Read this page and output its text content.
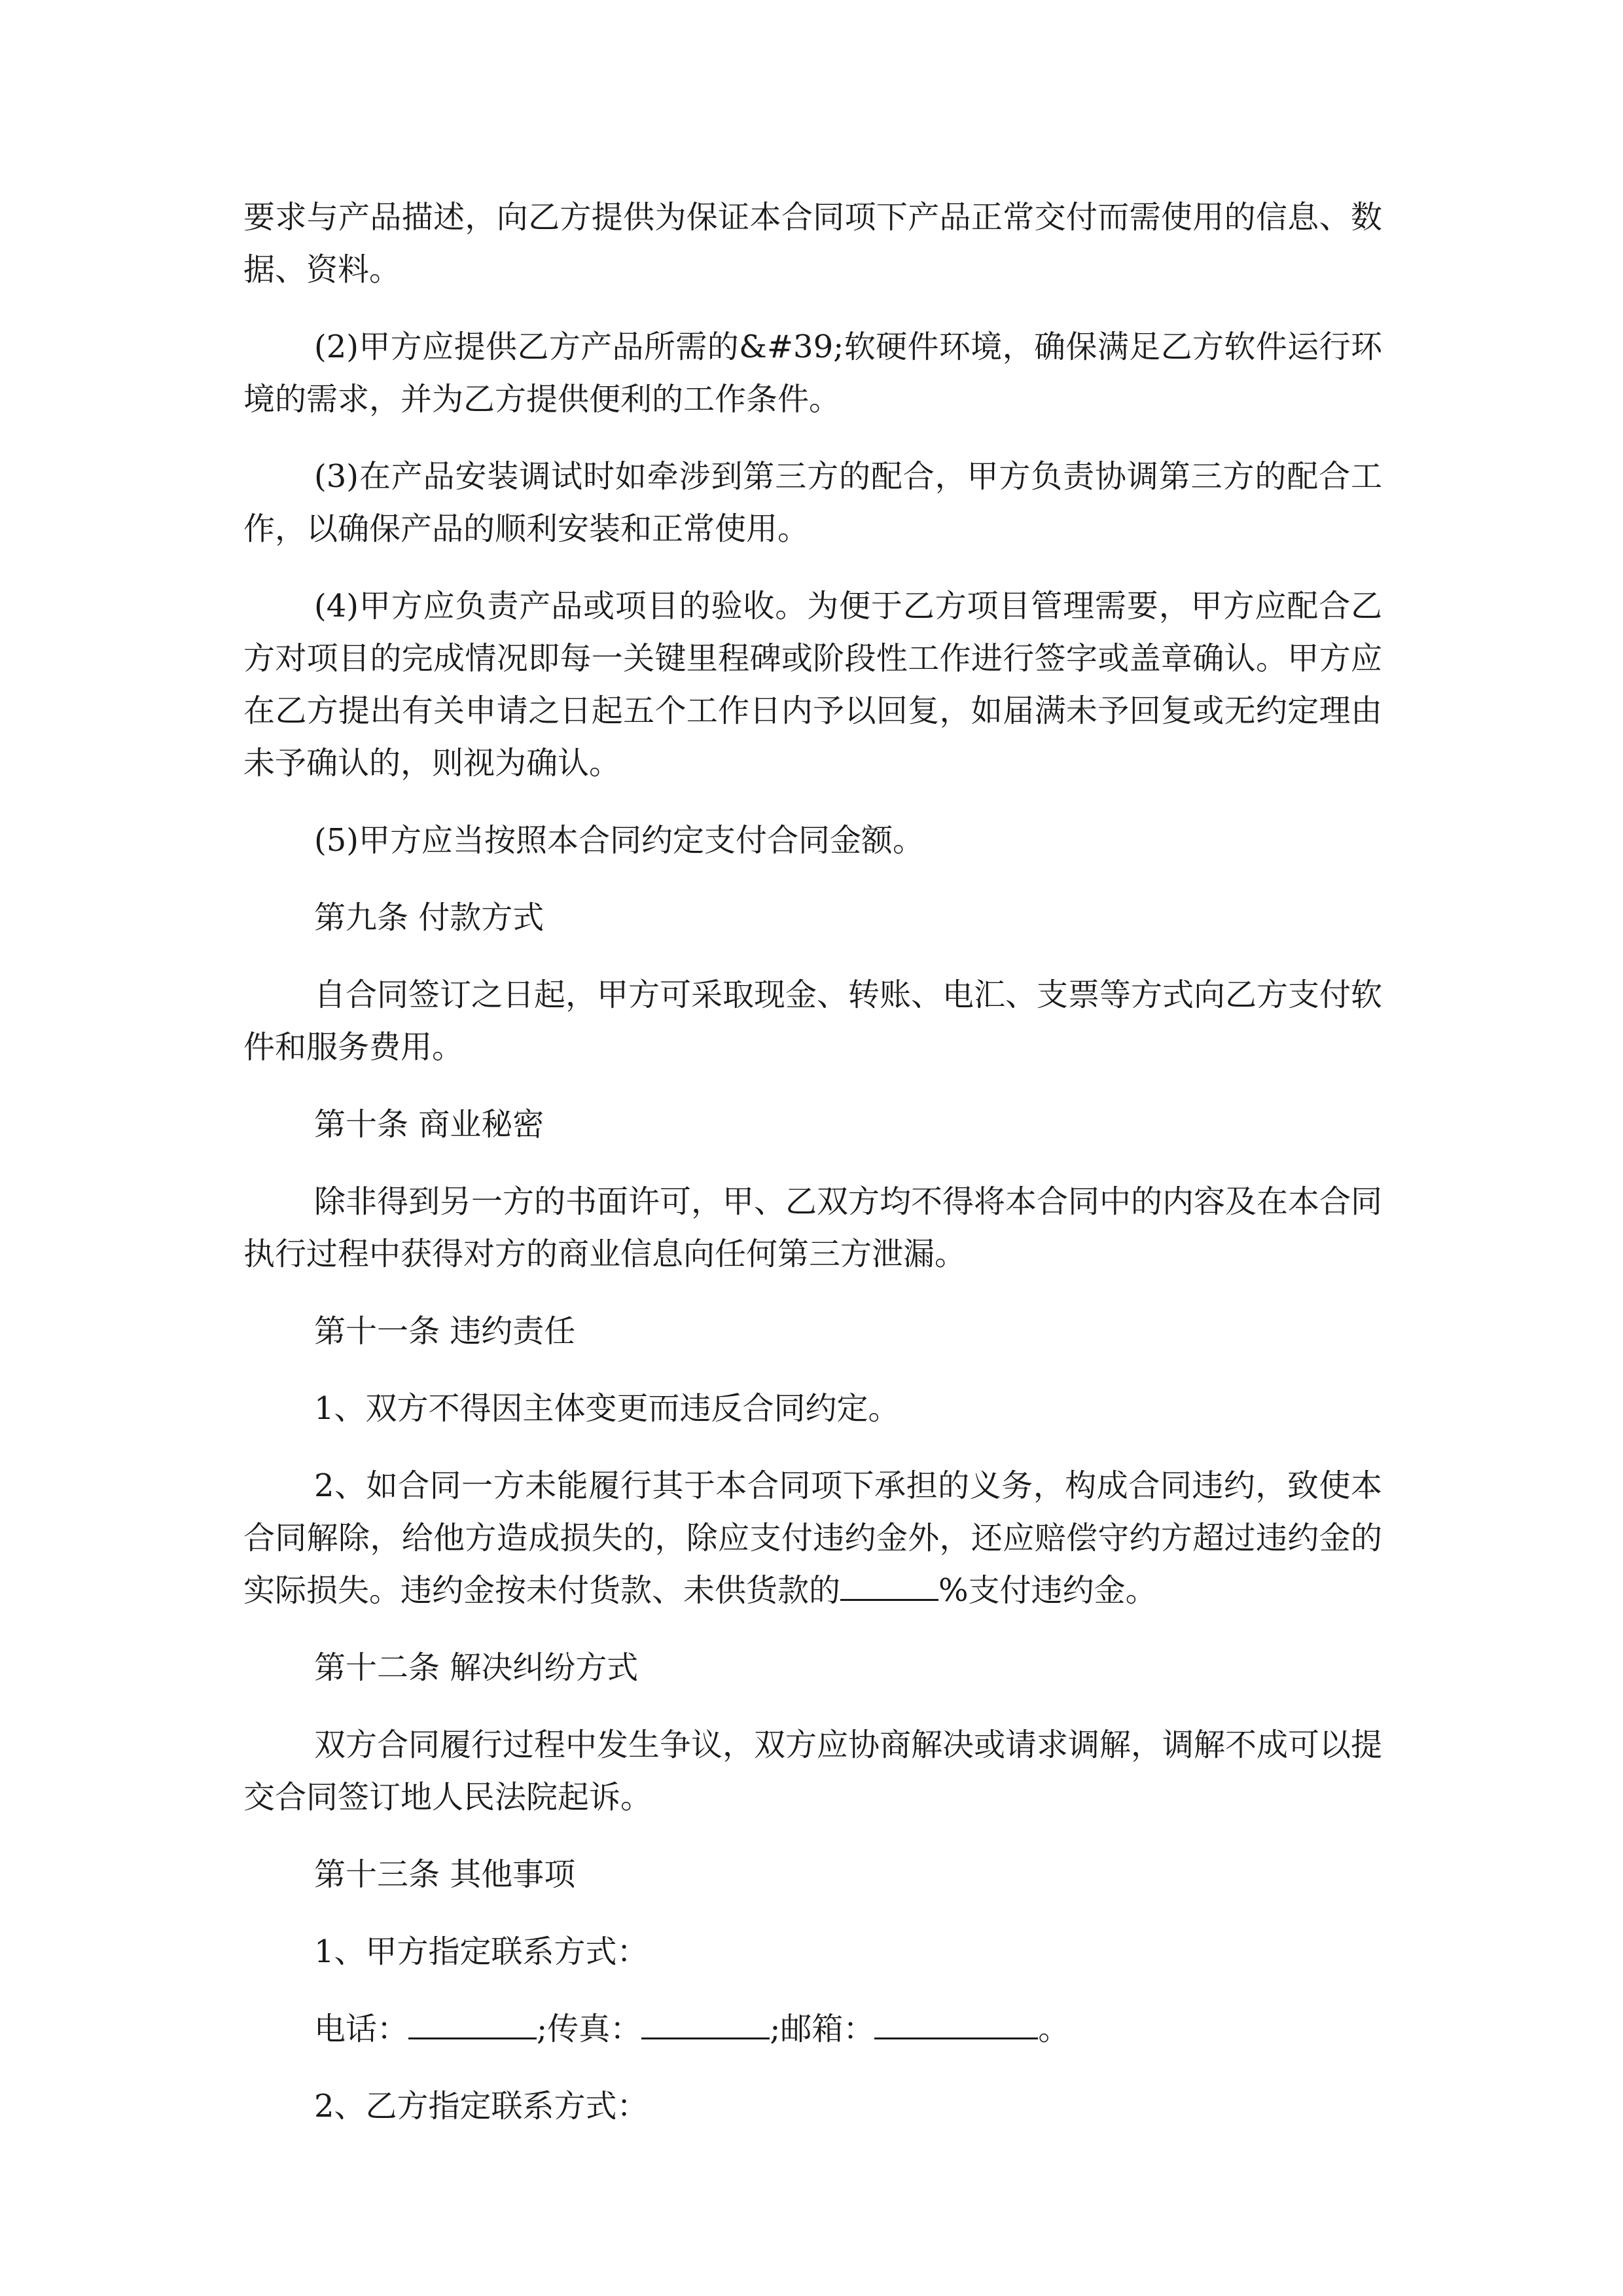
要求与产品描述，向乙方提供为保证本合同项下产品正常交付而需使用的信息、数据、资料。

(2)甲方应提供乙方产品所需的&#39;软硬件环境，确保满足乙方软件运行环境的需求，并为乙方提供便利的工作条件。

(3)在产品安装调试时如牵涉到第三方的配合，甲方负责协调第三方的配合工作，以确保产品的顺利安装和正常使用。

(4)甲方应负责产品或项目的验收。为便于乙方项目管理需要，甲方应配合乙方对项目的完成情况即每一关键里程碑或阶段性工作进行签字或盖章确认。甲方应在乙方提出有关申请之日起五个工作日内予以回复，如届满未予回复或无约定理由未予确认的，则视为确认。

(5)甲方应当按照本合同约定支付合同金额。

第九条 付款方式

自合同签订之日起，甲方可采取现金、转账、电汇、支票等方式向乙方支付软件和服务费用。

第十条 商业秘密

除非得到另一方的书面许可，甲、乙双方均不得将本合同中的内容及在本合同执行过程中获得对方的商业信息向任何第三方泄漏。

第十一条 违约责任

1、双方不得因主体变更而违反合同约定。

2、如合同一方未能履行其于本合同项下承担的义务，构成合同违约，致使本合同解除，给他方造成损失的，除应支付违约金外，还应赔偿守约方超过违约金的实际损失。违约金按未付货款、未供货款的	%支付违约金。

第十二条 解决纠纷方式

双方合同履行过程中发生争议，双方应协商解决或请求调解，调解不成可以提交合同签订地人民法院起诉。

第十三条 其他事项

1、甲方指定联系方式：

电话：	;传真：	;邮箱：	。

2、乙方指定联系方式：
